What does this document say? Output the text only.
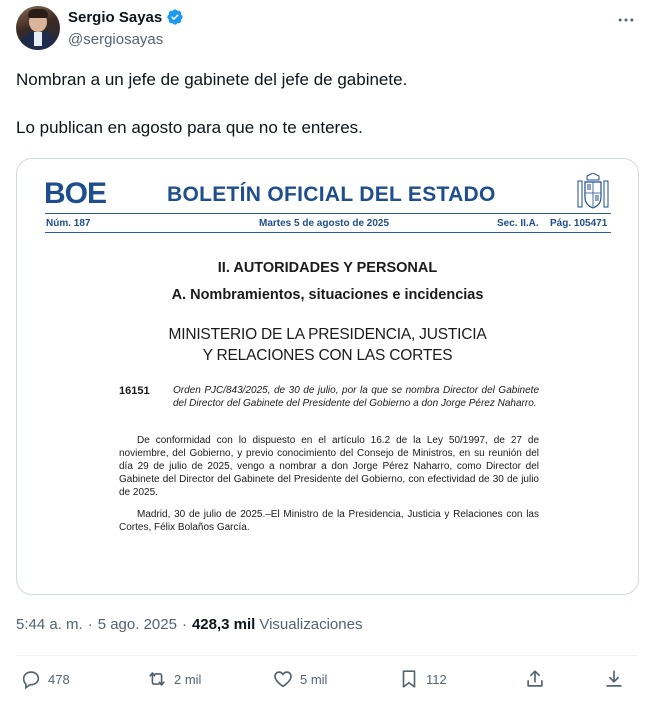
Sergio Sayas
@sergiosayas

Nombran a un jefe de gabinete del jefe de gabinete.

Lo publican en agosto para que no te enteres.

BOE	BOLETÍN OFICIAL DEL ESTADO
Núm. 187	Martes 5 de agosto de 2025	Sec. II.A. Pág. 105471
II. AUTORIDADES Y PERSONAL
A. Nombramientos, situaciones e incidencias
MINISTERIO DE LA PRESIDENCIA, JUSTICIA
Y RELACIONES CON LAS CORTES
16151 Orden PJC/843/2025, de 30 de julio, por la que se nombra Director del Gabinete del Director del Gabinete del Presidente del Gobierno a don Jorge Pérez Naharro.
De conformidad con lo dispuesto en el artículo 16.2 de la Ley 50/1997, de 27 de noviembre, del Gobierno, y previo conocimiento del Consejo de Ministros, en su reunión del día 29 de julio de 2025, vengo a nombrar a don Jorge Pérez Naharro, como Director del Gabinete del Director del Gabinete del Presidente del Gobierno, con efectividad de 30 de julio de 2025.
Madrid, 30 de julio de 2025.–El Ministro de la Presidencia, Justicia y Relaciones con las Cortes, Félix Bolaños García.
5:44 a. m. · 5 ago. 2025 · 428,3 mil Visualizaciones
478	2 mil	5 mil	112
